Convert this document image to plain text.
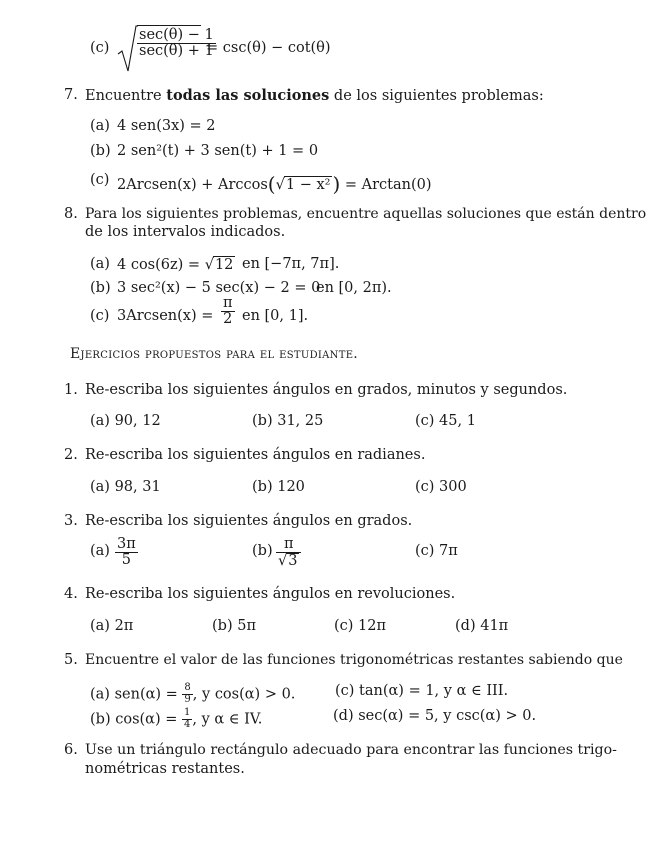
$(c) \frac{\sec(\theta) - 1}{\sec(\theta) + 1}$
= csc(θ) − cot(θ)
7. Encuentre todas las soluciones de los siguientes problemas:
(a) 4 sen(3x) = 2
(b) 2 sen²(t) + 3 sen(t) + 1 = 0
(c) 2Arcsen(x) + Arccos(√1 − x² ) = Arctan(0)
8. Para los siguientes problemas, encuentre aquellas soluciones que están dentro
de los intervalos indicados.
(a) 4 cos(6z) = √12 en [−7π, 7π].
(b) 3 sec²(x) − 5 sec(x) − 2 = 0
en [0, 2π).
(c) 3Arcsen(x) = $\frac{\pi}{2}$ en [0, 1].
Ejercicios propuestos para el estudiante.
1. Re-escriba los siguientes ángulos en grados, minutos y segundos.
(a) 90, 12	(b) 31, 25	(c) 45, 1
2. Re-escriba los siguientes ángulos en radianes.
(a) 98, 31	(b) 120	(c) 300
3. Re-escriba los siguientes ángulos en grados.
$(a) \frac{3\pi}{5}$	$(b) \frac{\pi}{√3}$	(c) 7π
4. Re-escriba los siguientes ángulos en revoluciones.
(a) 2π	(b) 5π	(c) 12π	(d) 41π
5. Encuentre el valor de las funciones trigonométricas restantes sabiendo que
(a) $sen(\alpha) = \frac{8}{9}$ , y cos(α) > 0.
(b) $\cos(\alpha) = \frac{1}{4}$ , y α ∈ IV.
(c) tan(α) = 1, y α ∈ III.
(d) sec(α) = 5, y csc(α) > 0.
6. Use un triángulo rectángulo adecuado para encontrar las funciones trigo-
nométricas restantes.
